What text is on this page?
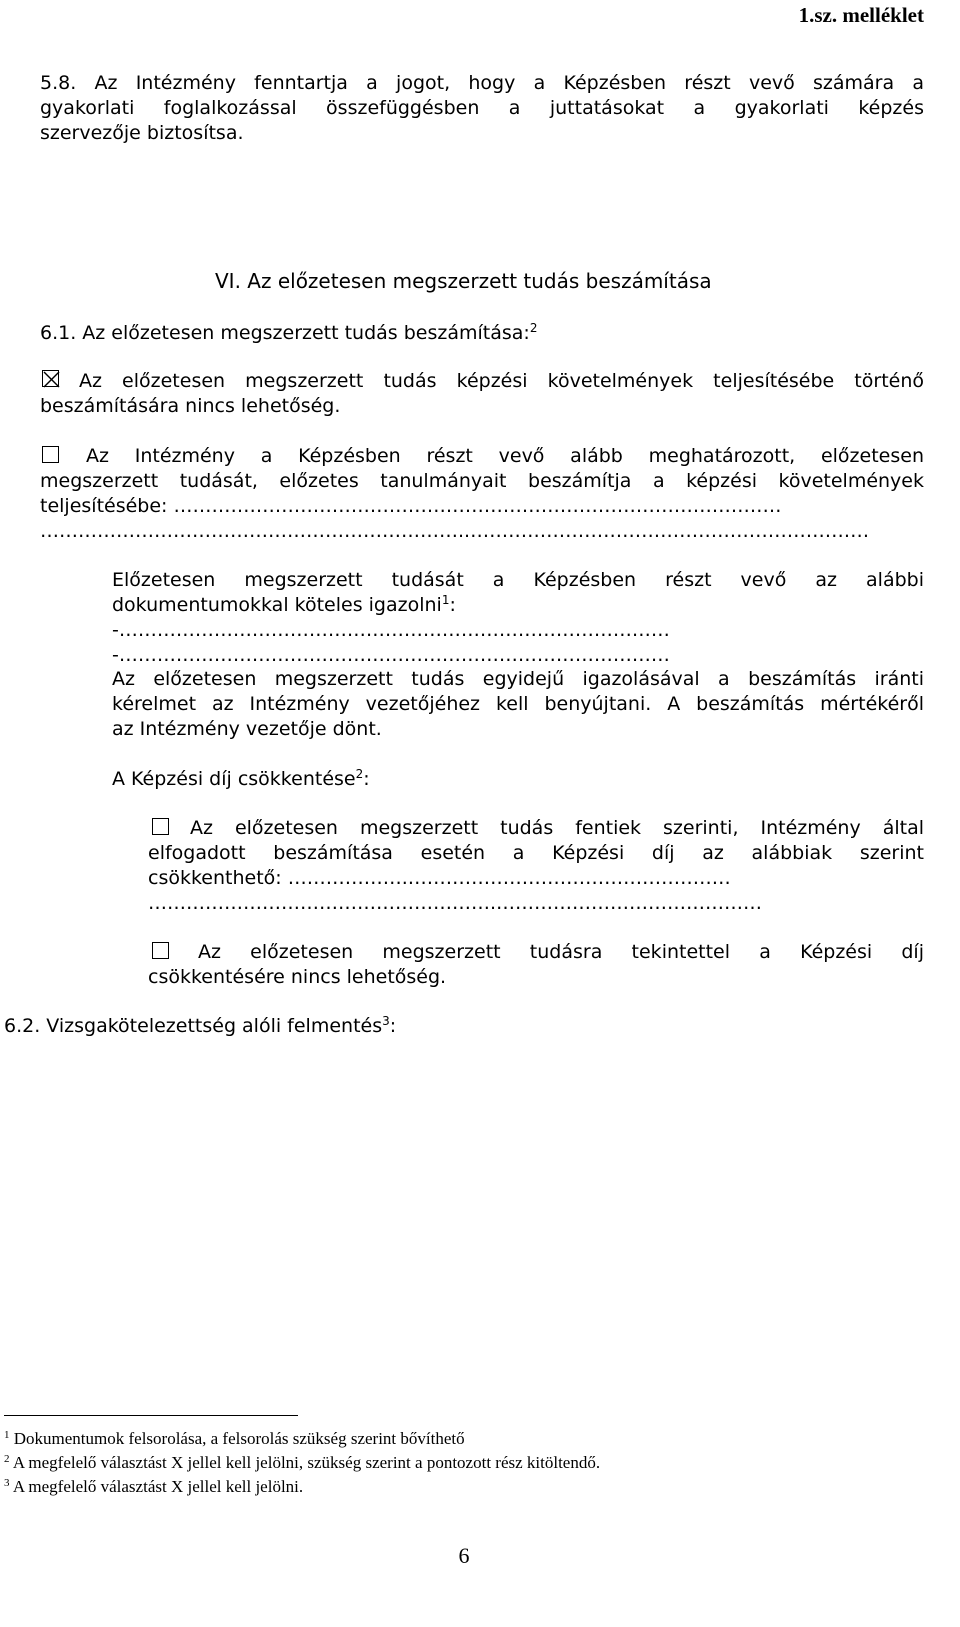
1.sz. melléklet
5.8. Az Intézmény fenntartja a jogot, hogy a Képzésben részt vevő számára a
gyakorlati foglalkozással összefüggésben a juttatásokat a gyakorlati képzés
szervezője biztosítsa.
VI. Az előzetesen megszerzett tudás beszámítása
6.1. Az előzetesen megszerzett tudás beszámítása:$^2$
Az előzetesen megszerzett tudás képzési követelmények teljesítésébe történő
beszámítására nincs lehetőség.
Az Intézmény a Képzésben részt vevő alább meghatározott, előzetesen
megszerzett tudását, előzetes tanulmányait beszámítja a képzési követelmények
teljesítésébe: ……………………………………………………………………………………
…………………………………………………………..………………………………………………………
Előzetesen megszerzett tudását a Képzésben részt vevő az alábbi
dokumentumokkal köteles igazolni$^1$:
-……………………………………………………………………………
-……………………………………………………………………………
Az előzetesen megszerzett tudás egyidejű igazolásával a beszámítás iránti
kérelmet az Intézmény vezetőjéhez kell benyújtani. A beszámítás mértékéről
az Intézmény vezetője dönt.
A Képzési díj csökkentése$^2$:
Az előzetesen megszerzett tudás fentiek szerinti, Intézmény által
elfogadott beszámítása esetén a Képzési díj az alábbiak szerint
csökkenthető: ……………….……………………………………………
……………………………………………….……………………………………
Az előzetesen megszerzett tudásra tekintettel a Képzési díj
csökkentésére nincs lehetőség.
6.2. Vizsgakötelezettség alóli felmentés$^3$:
$^1$ Dokumentumok felsorolása, a felsorolás szükség szerint bővíthető
$^2$ A megfelelő választást X jellel kell jelölni, szükség szerint a pontozott rész kitöltendő.
$^3$ A megfelelő választást X jellel kell jelölni.
6
